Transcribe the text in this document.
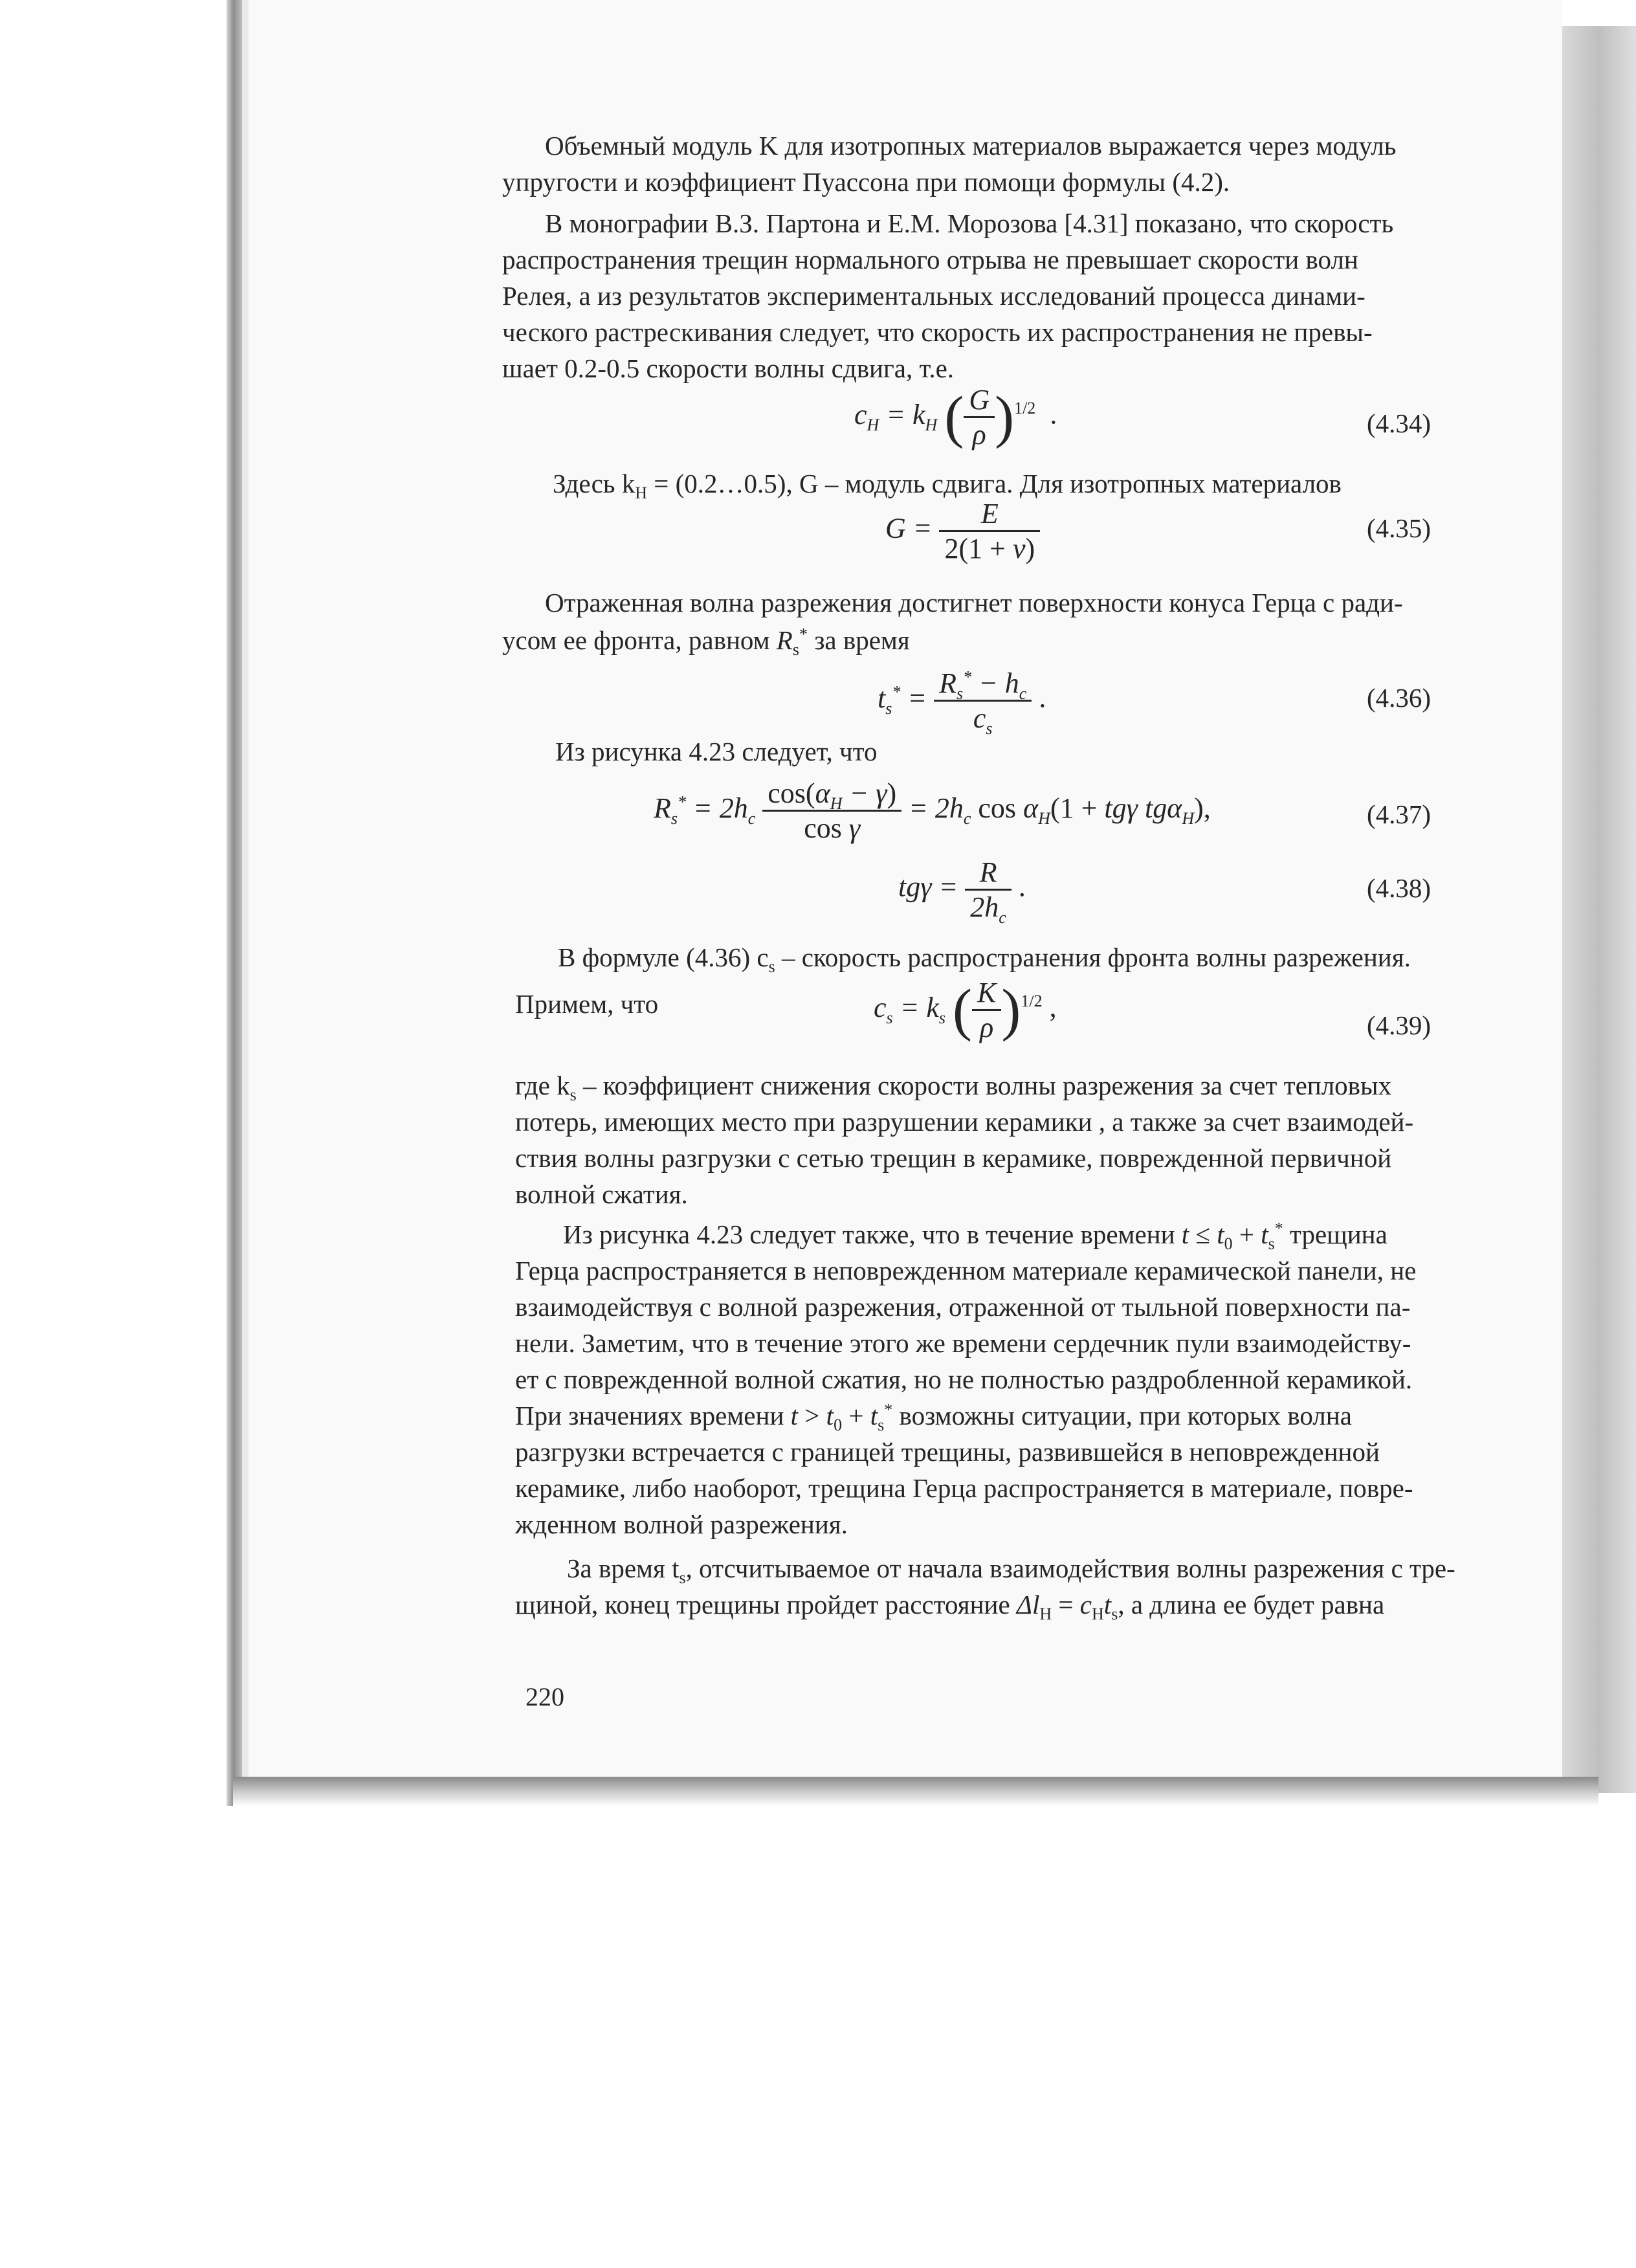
Объемный модуль K для изотропных материалов выражается через модуль
упругости и коэффициент Пуассона при помощи формулы (4.2).
В монографии В.З. Партона и Е.М. Морозова [4.31] показано, что скорость
распространения трещин нормального отрыва не превышает скорости волн
Релея, а из результатов экспериментальных исследований процесса динами-
ческого растрескивания следует, что скорость их распространения не превы-
шает 0.2-0.5 скорости волны сдвига, т.е.
$c_H = k_H$ ( $\frac{G}{\rho} )^{1/2}$  .	(4.34)
Здесь $k_H$ = (0.2…0.5), G – модуль сдвига. Для изотропных материалов
$G = \frac{E}{2(1 + \nu)}$	(4.35)
Отраженная волна разрежения достигнет поверхности конуса Герца с ради-
усом ее фронта, равном $R_s^*$ за время
$t_s^* = \frac{R_s^* - h_c}{c_s}$ .	(4.36)
Из рисунка 4.23 следует, что
$R_s^* = 2h_c \frac{\cos(\alpha_H - \gamma)}{\text{cos γ}} = 2h_c$ $\cos \alpha_H(1 + tg\gamma$ tgα$_H$),	(4.37)
$tg\gamma = \frac{R}{2h_c}$ .	(4.38)
В формуле (4.36) $c_s$ – скорость распространения фронта волны разрежения.
Примем, что	$c_s = k_s$ ( $\frac{K}{\rho} )^{1/2}$ ,
(4.39)
где $k_s$ – коэффициент снижения скорости волны разрежения за счет тепловых
потерь, имеющих место при разрушении керамики , а также за счет взаимодей-
ствия волны разгрузки с сетью трещин в керамике, поврежденной первичной
волной сжатия.
Из рисунка 4.23 следует также, что в течение времени $t \le t_0 + t_s^*$ трещина
Герца распространяется в неповрежденном материале керамической панели, не
взаимодействуя с волной разрежения, отраженной от тыльной поверхности па-
нели. Заметим, что в течение этого же времени сердечник пули взаимодейству-
ет с поврежденной волной сжатия, но не полностью раздробленной керамикой.
При значениях времени $t > t_0 + t_s^*$ возможны ситуации, при которых волна
разгрузки встречается с границей трещины, развившейся в неповрежденной
керамике, либо наоборот, трещина Герца распространяется в материале, повре-
жденном волной разрежения.
За время $t_s$, отсчитываемое от начала взаимодействия волны разрежения с тре-
щиной, конец трещины пройдет расстояние $\Delta l_H = c_Ht_s$, а длина ее будет равна
220
